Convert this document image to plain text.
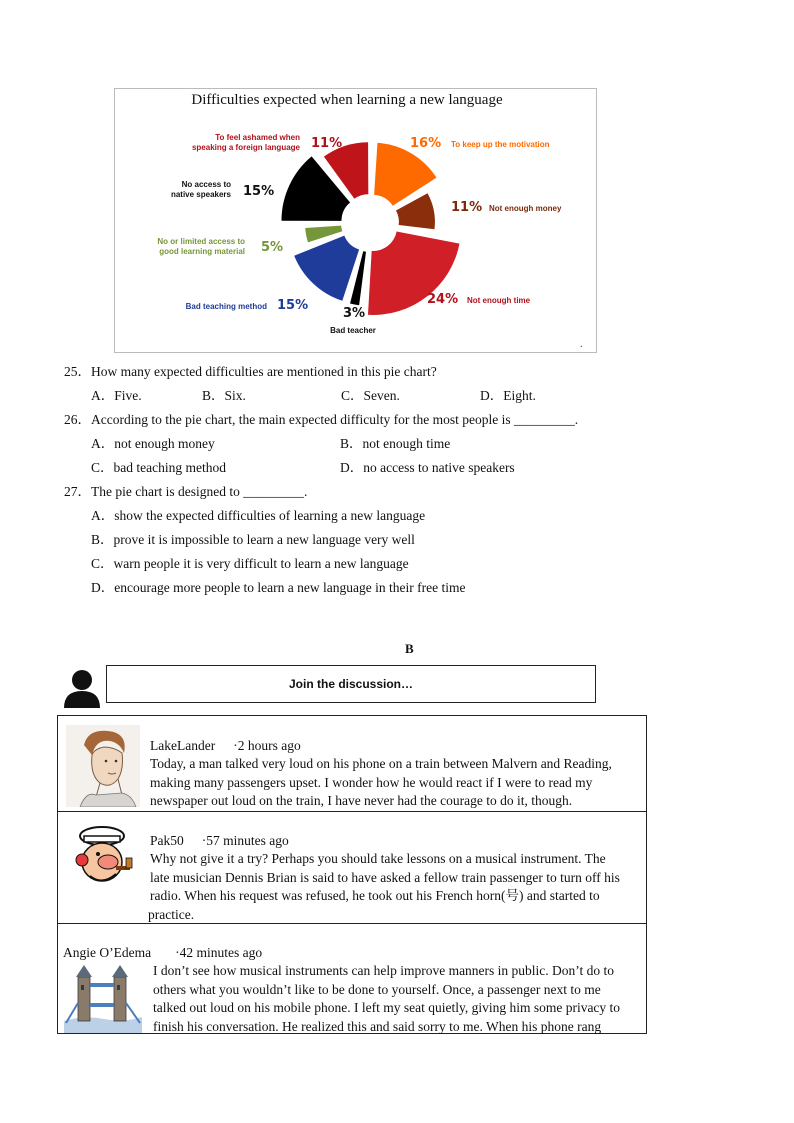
Difficulties expected when learning a new language
16%
11%
24%
3%
15%
5%
15%
11%	To keep up the motivation
Not enough money
Not enough time
Bad teacher
Bad teaching method
No or limited access to
good learning material
No access to
native speakers
To feel ashamed when
speaking a foreign language
.
25．How many expected difficulties are mentioned in this pie chart?
A．Five.	B．Six.	C．Seven.	D．Eight.
26．According to the pie chart, the main expected difficulty for the most people is _________.
A．not enough money	B．not enough time
C．bad teaching method	D．no access to native speakers
27．The pie chart is designed to _________.
A．show the expected difficulties of learning a new language
B．prove it is impossible to learn a new language very well
C．warn people it is very difficult to learn a new language
D．encourage more people to learn a new language in their free time
B
Join the discussion…
LakeLander ·2 hours ago
Today, a man talked very loud on his phone on a train between Malvern and Reading,
making many passengers upset. I wonder how he would react if I were to read my
newspaper out loud on the train, I have never had the courage to do it, though.
Pak50 ·57 minutes ago
Why not give it a try? Perhaps you should take lessons on a musical instrument. The
late musician Dennis Brian is said to have asked a fellow train passenger to turn off his
radio. When his request was refused, he took out his French horn(号) and started to
practice.
Angie O’Edema ·42 minutes ago
I don’t see how musical instruments can help improve manners in public. Don’t do to
others what you wouldn’t like to be done to yourself. Once, a passenger next to me
talked out loud on his mobile phone. I left my seat quietly, giving him some privacy to
finish his conversation. He realized this and said sorry to me. When his phone rang
